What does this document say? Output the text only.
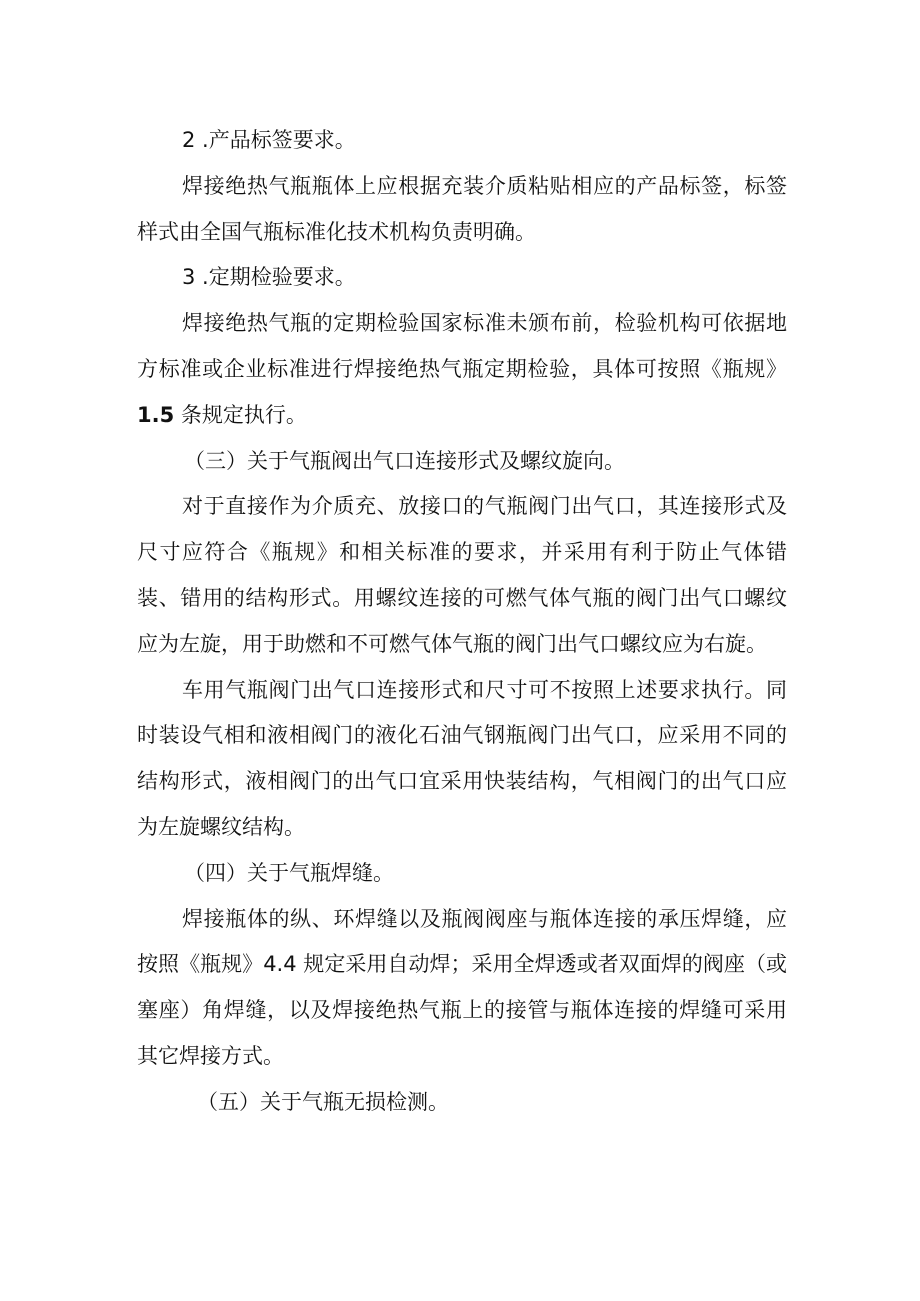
2 .产品标签要求。

焊接绝热气瓶瓶体上应根据充装介质粘贴相应的产品标签，标签样式由全国气瓶标准化技术机构负责明确。

3 .定期检验要求。

焊接绝热气瓶的定期检验国家标准未颁布前，检验机构可依据地方标准或企业标准进行焊接绝热气瓶定期检验，具体可按照《瓶规》1.5 条规定执行。

（三）关于气瓶阀出气口连接形式及螺纹旋向。

对于直接作为介质充、放接口的气瓶阀门出气口，其连接形式及尺寸应符合《瓶规》和相关标准的要求，并采用有利于防止气体错装、错用的结构形式。用螺纹连接的可燃气体气瓶的阀门出气口螺纹应为左旋，用于助燃和不可燃气体气瓶的阀门出气口螺纹应为右旋。

车用气瓶阀门出气口连接形式和尺寸可不按照上述要求执行。同时装设气相和液相阀门的液化石油气钢瓶阀门出气口，应采用不同的结构形式，液相阀门的出气口宜采用快装结构，气相阀门的出气口应为左旋螺纹结构。

（四）关于气瓶焊缝。

焊接瓶体的纵、环焊缝以及瓶阀阀座与瓶体连接的承压焊缝，应按照《瓶规》4.4 规定采用自动焊；采用全焊透或者双面焊的阀座（或塞座）角焊缝，以及焊接绝热气瓶上的接管与瓶体连接的焊缝可采用其它焊接方式。

（五）关于气瓶无损检测。
